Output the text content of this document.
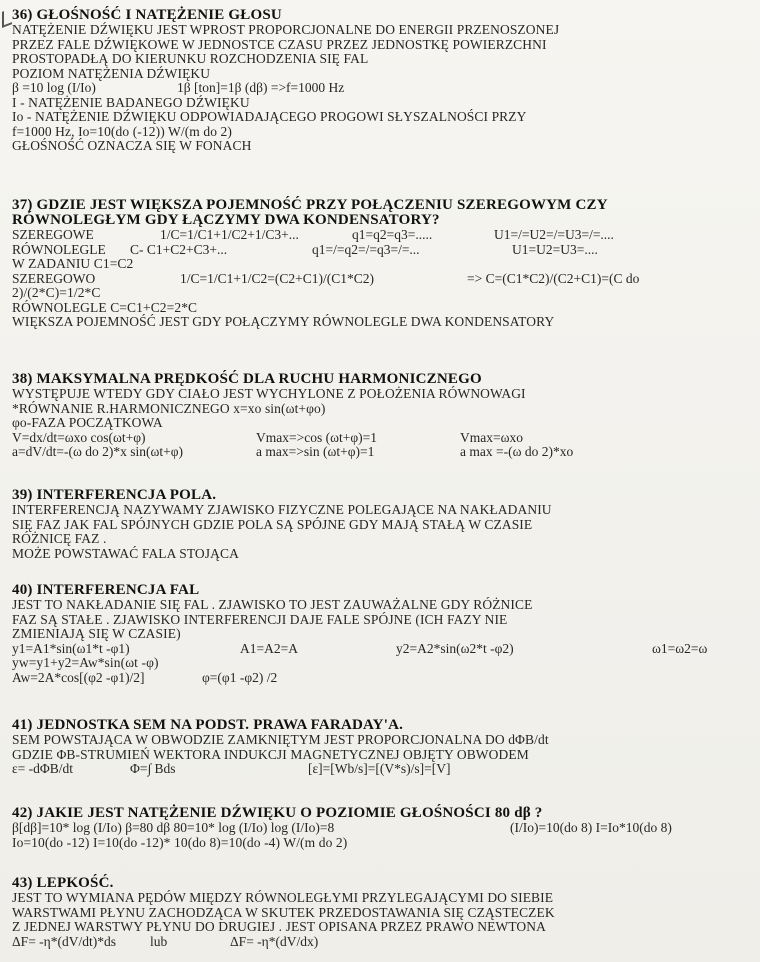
36) GŁOŚNOŚĆ I NATĘŻENIE GŁOSU
NATĘŻENIE DŹWIĘKU JEST WPROST PROPORCJONALNE DO ENERGII PRZENOSZONEJ
PRZEZ FALE DŹWIĘKOWE W JEDNOSTCE CZASU PRZEZ JEDNOSTKĘ POWIERZCHNI
PROSTOPADŁĄ DO KIERUNKU ROZCHODZENIA SIĘ FAL
POZIOM NATĘŻENIA DŹWIĘKU
β =10 log (I/Io)	1β [ton]=1β (dβ) =>f=1000 Hz
I - NATĘŻENIE BADANEGO DŹWIĘKU
Io - NATĘŻENIE DŹWIĘKU ODPOWIADAJĄCEGO PROGOWI SŁYSZALNOŚCI PRZY
f=1000 Hz, Io=10(do (-12)) W/(m do 2)
GŁOŚNOŚĆ OZNACZA SIĘ W FONACH
37) GDZIE JEST WIĘKSZA POJEMNOŚĆ PRZY POŁĄCZENIU SZEREGOWYM CZY
RÓWNOLEGŁYM GDY ŁĄCZYMY DWA KONDENSATORY?
SZEREGOWE	1/C=1/C1+1/C2+1/C3+...	q1=q2=q3=.....	U1=/=U2=/=U3=/=....
RÓWNOLEGLE C- C1+C2+C3+...	q1=/=q2=/=q3=/=...	U1=U2=U3=....
W ZADANIU C1=C2
SZEREGOWO	1/C=1/C1+1/C2=(C2+C1)/(C1*C2)	=> C=(C1*C2)/(C2+C1)=(C do
2)/(2*C)=1/2*C
RÓWNOLEGLE C=C1+C2=2*C
WIĘKSZA POJEMNOŚĆ JEST GDY POŁĄCZYMY RÓWNOLEGLE DWA KONDENSATORY
38) MAKSYMALNA PRĘDKOŚĆ DLA RUCHU HARMONICZNEGO
WYSTĘPUJE WTEDY GDY CIAŁO JEST WYCHYLONE Z POŁOŻENIA RÓWNOWAGI
*RÓWNANIE R.HARMONICZNEGO x=xo sin(ωt+φo)
φo-FAZA POCZĄTKOWA
V=dx/dt=ωxo cos(ωt+φ)	Vmax=>cos (ωt+φ)=1	Vmax=ωxo
a=dV/dt=-(ω do 2)*x sin(ωt+φ)	a max=>sin (ωt+φ)=1	a max =-(ω do 2)*xo
39) INTERFERENCJA POLA.
INTERFERENCJĄ NAZYWAMY ZJAWISKO FIZYCZNE POLEGAJĄCE NA NAKŁADANIU
SIĘ FAZ JAK FAL SPÓJNYCH GDZIE POLA SĄ SPÓJNE GDY MAJĄ STAŁĄ W CZASIE
RÓŻNICĘ FAZ .
MOŻE POWSTAWAĆ FALA STOJĄCA
40) INTERFERENCJA FAL
JEST TO NAKŁADANIE SIĘ FAL . ZJAWISKO TO JEST ZAUWAŻALNE GDY RÓŻNICE
FAZ SĄ STAŁE . ZJAWISKO INTERFERENCJI DAJE FALE SPÓJNE (ICH FAZY NIE
ZMIENIAJĄ SIĘ W CZASIE)
y1=A1*sin(ω1*t -φ1)	A1=A2=A	y2=A2*sin(ω2*t -φ2)	ω1=ω2=ω
yw=y1+y2=Aw*sin(ωt -φ)
Aw=2A*cos[(φ2 -φ1)/2]	φ=(φ1 -φ2) /2
41) JEDNOSTKA SEM NA PODST. PRAWA FARADAY'A.
SEM POWSTAJĄCA W OBWODZIE ZAMKNIĘTYM JEST PROPORCJONALNA DO dΦB/dt
GDZIE ΦB-STRUMIEŃ WEKTORA INDUKCJI MAGNETYCZNEJ OBJĘTY OBWODEM
ε= -dΦB/dt	Φ=∫ Bds	[ε]=[Wb/s]=[(V*s)/s]=[V]
42) JAKIE JEST NATĘŻENIE DŹWIĘKU O POZIOMIE GŁOŚNOŚCI 80 dβ ?
β[dβ]=10* log (I/Io) β=80 dβ 80=10* log (I/Io) log (I/Io)=8	(I/Io)=10(do 8) I=Io*10(do 8)
Io=10(do -12) I=10(do -12)* 10(do 8)=10(do -4) W/(m do 2)
43) LEPKOŚĆ.
JEST TO WYMIANA PĘDÓW MIĘDZY RÓWNOLEGŁYMI PRZYLEGAJĄCYMI DO SIEBIE
WARSTWAMI PŁYNU ZACHODZĄCA W SKUTEK PRZEDOSTAWANIA SIĘ CZĄSTECZEK
Z JEDNEJ WARSTWY PŁYNU DO DRUGIEJ . JEST OPISANA PRZEZ PRAWO NEWTONA
ΔF= -η*(dV/dt)*ds	lub	ΔF= -η*(dV/dx)
